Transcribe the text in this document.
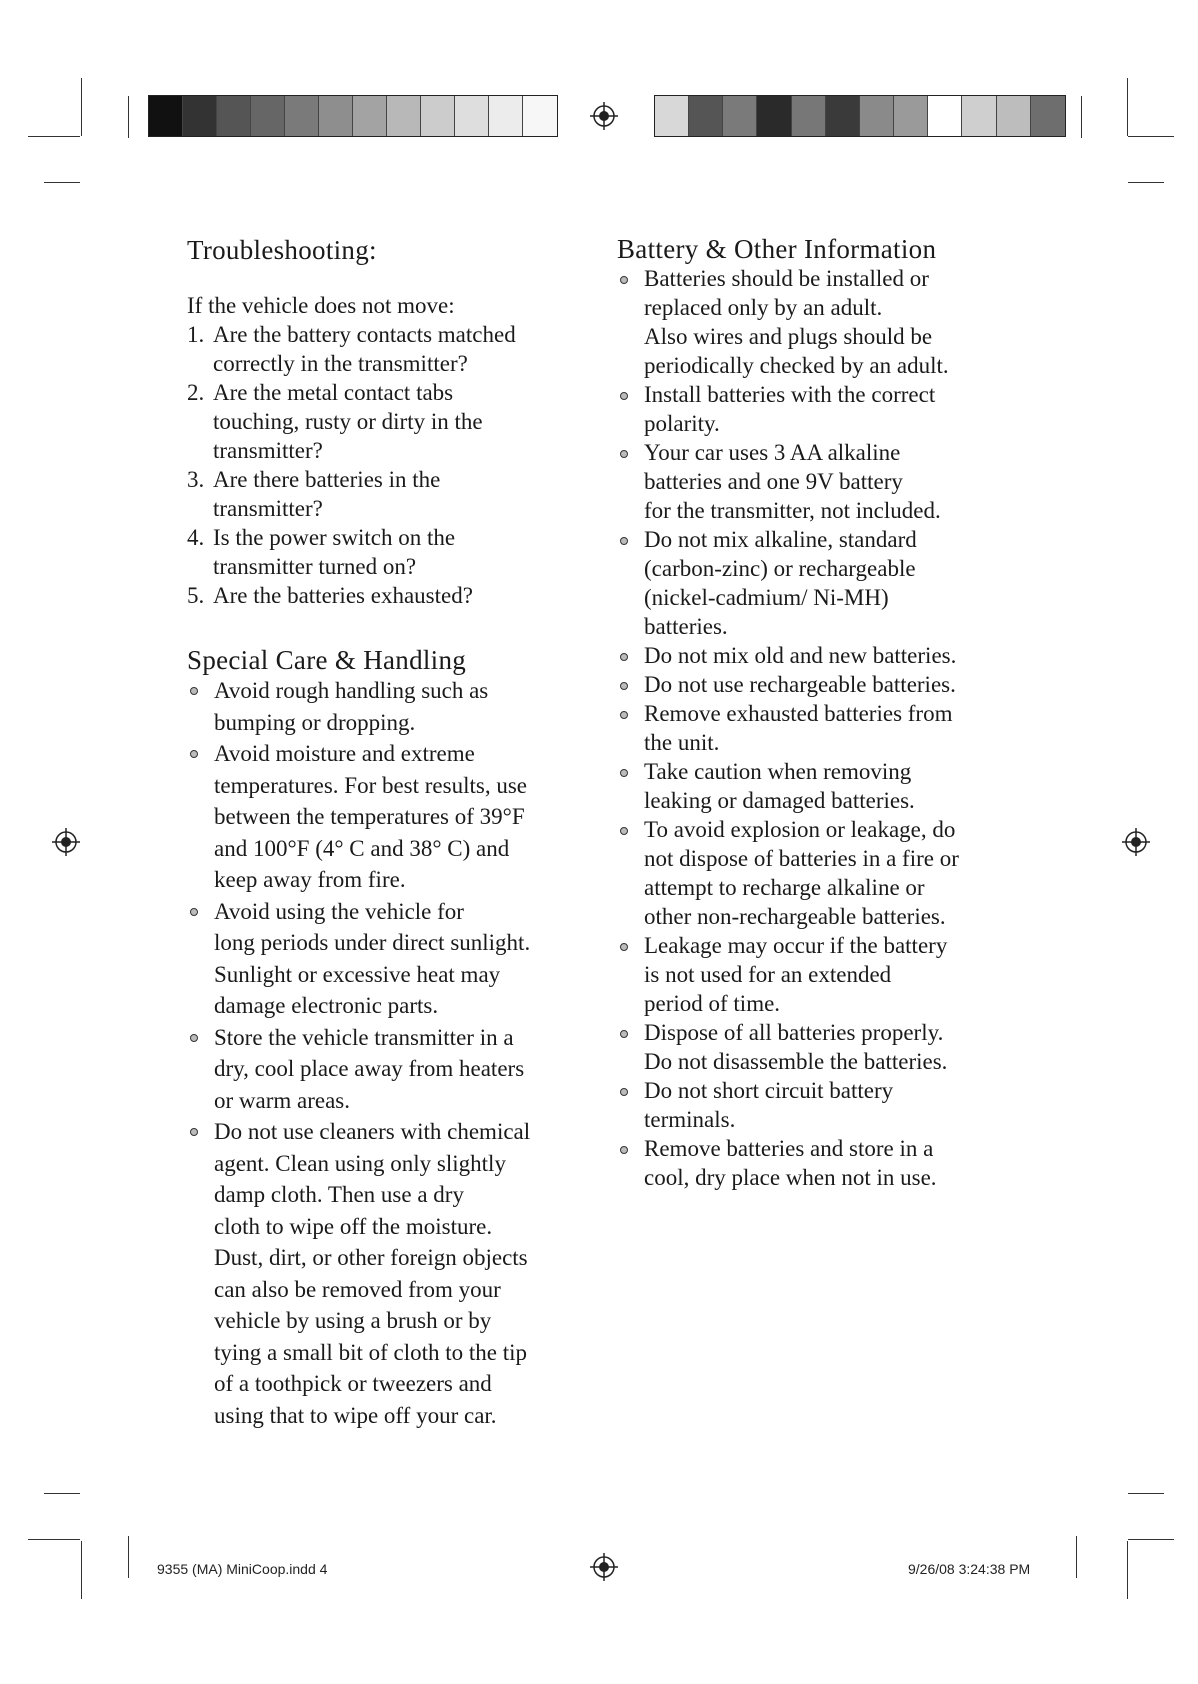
Troubleshooting:

If the vehicle does not move:

1. Are the battery contacts matched
correctly in the transmitter?
2. Are the metal contact tabs
touching, rusty or dirty in the
transmitter?
3. Are there batteries in the
transmitter?
4. Is the power switch on the
transmitter turned on?
5. Are the batteries exhausted?
Special Care & Handling
Avoid rough handling such as
bumping or dropping.
Avoid moisture and extreme
temperatures. For best results, use
between the temperatures of 39°F
and 100°F (4° C and 38° C) and
keep away from fire.
Avoid using the vehicle for
long periods under direct sunlight.
Sunlight or excessive heat may
damage electronic parts.
Store the vehicle transmitter in a
dry, cool place away from heaters
or warm areas.
Do not use cleaners with chemical
agent. Clean using only slightly
damp cloth. Then use a dry
cloth to wipe off the moisture.
Dust, dirt, or other foreign objects
can also be removed from your
vehicle by using a brush or by
tying a small bit of cloth to the tip
of a toothpick or tweezers and
using that to wipe off your car.
Battery & Other Information
Batteries should be installed or
replaced only by an adult.
Also wires and plugs should be
periodically checked by an adult.
Install batteries with the correct
polarity.
Your car uses 3 AA alkaline
batteries and one 9V battery
for the transmitter, not included.
Do not mix alkaline, standard
(carbon-zinc) or rechargeable
(nickel-cadmium/ Ni-MH)
batteries.
Do not mix old and new batteries.
Do not use rechargeable batteries.
Remove exhausted batteries from
the unit.
Take caution when removing
leaking or damaged batteries.
To avoid explosion or leakage, do
not dispose of batteries in a fire or
attempt to recharge alkaline or
other non-rechargeable batteries.
Leakage may occur if the battery
is not used for an extended
period of time.
Dispose of all batteries properly.
Do not disassemble the batteries.
Do not short circuit battery
terminals.
Remove batteries and store in a
cool, dry place when not in use.
9355 (MA) MiniCoop.indd 4	9/26/08 3:24:38 PM
